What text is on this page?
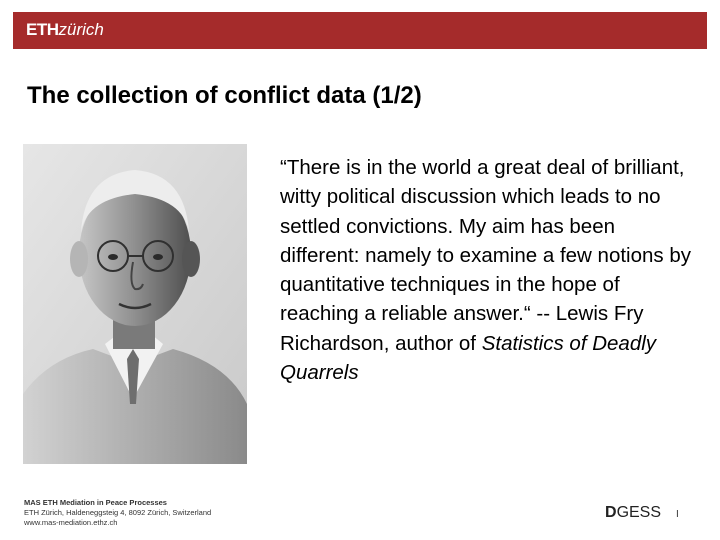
ETHzürich
The collection of conflict data (1/2)
“There is in the world a great deal of brilliant, witty political discussion which leads to no settled convictions. My aim has been different: namely to examine a few notions by quantitative techniques in the hope of reaching a reliable answer.“ -- Lewis Fry Richardson, author of Statistics of Deadly Quarrels
MAS ETH Mediation in Peace Processes
ETH Zürich, Haldeneggsteig 4, 8092 Zürich, Switzerland
www.mas-mediation.ethz.ch
DGESS I
